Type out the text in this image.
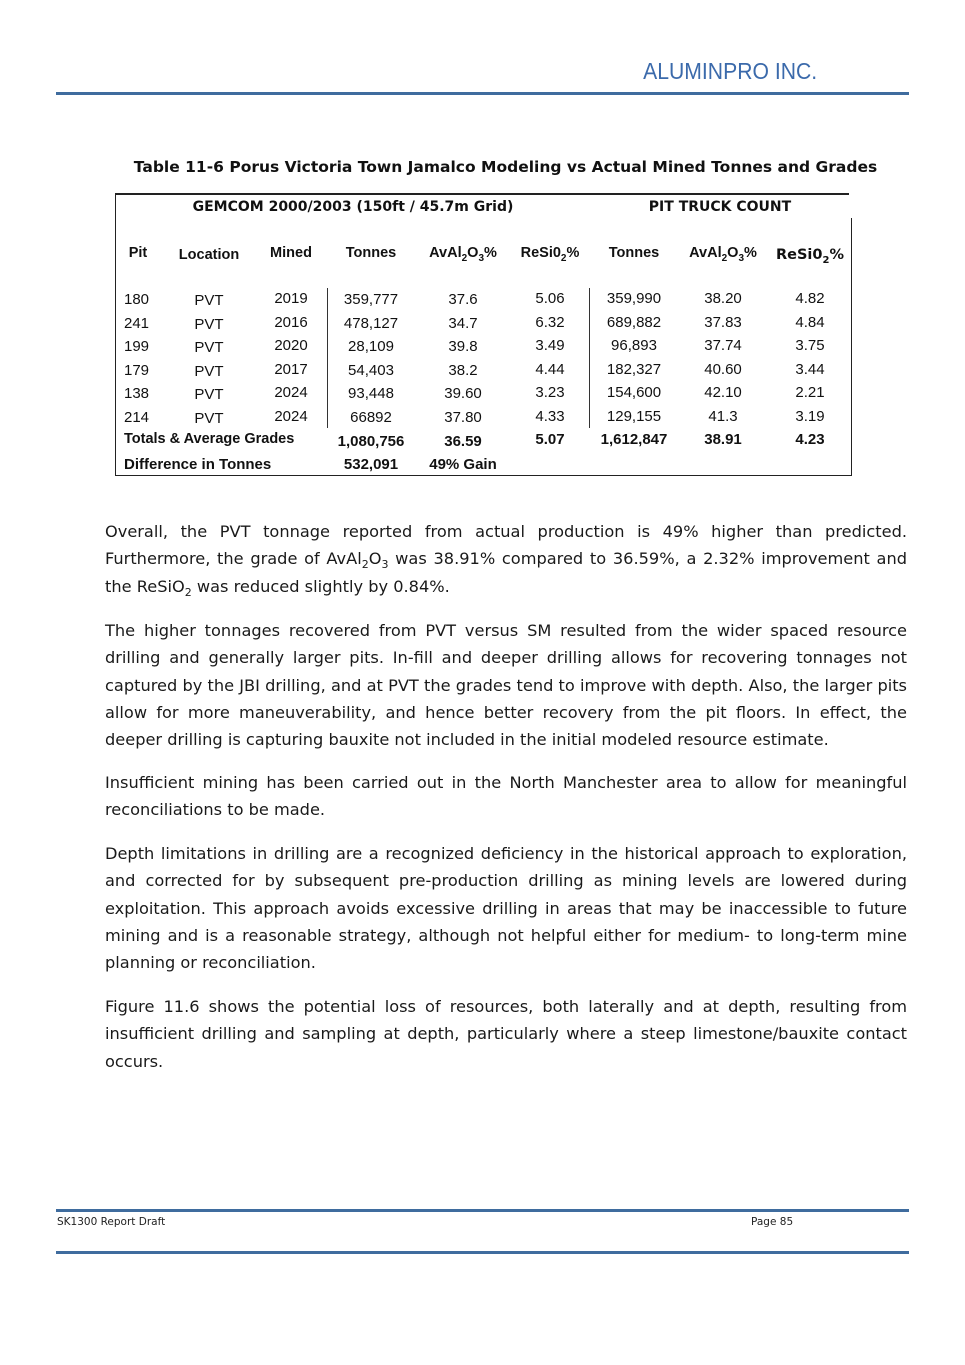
ALUMINPRO INC.
Table 11-6 Porus Victoria Town Jamalco Modeling vs Actual Mined Tonnes and Grades
GEMCOM 2000/2003 (150ft / 45.7m Grid)	PIT TRUCK COUNT
Pit Location Mined Tonnes $AvAl_2O_3\%$ $ReSi0_2\%$ Tonnes $AvAl_2O_3\%$ $ReSi0_2\%$
180	PVT	2019 359,777	37.6	5.06	359,990	38.20	4.82
241	PVT	2016 478,127	34.7	6.32	689,882	37.83	4.84
199	PVT	2020	28,109	39.8	3.49	96,893	37.74	3.75
179	PVT	2017	54,403	38.2	4.44	182,327	40.60	3.44
138	PVT	2024	93,448	39.60	3.23	154,600	42.10	2.21
214	PVT	2024	66892	37.80	4.33	129,155	41.3	3.19
Totals & Average Grades	1,080,756	36.59	5.07 1,612,847 38.91	4.23
Difference in Tonnes	532,091 49% Gain

Overall, the PVT tonnage reported from actual production is 49% higher than predicted. Furthermore, the grade of $AvAl_2O_3$ was 38.91% compared to 36.59%, a 2.32% improvement and the ReSiO$_2$ was reduced slightly by 0.84%.

The higher tonnages recovered from PVT versus SM resulted from the wider spaced resource drilling and generally larger pits. In-fill and deeper drilling allows for recovering tonnages not captured by the JBI drilling, and at PVT the grades tend to improve with depth. Also, the larger pits allow for more maneuverability, and hence better recovery from the pit floors. In effect, the deeper drilling is capturing bauxite not included in the initial modeled resource estimate.

Insufficient mining has been carried out in the North Manchester area to allow for meaningful reconciliations to be made.

Depth limitations in drilling are a recognized deficiency in the historical approach to exploration, and corrected for by subsequent pre-production drilling as mining levels are lowered during exploitation. This approach avoids excessive drilling in areas that may be inaccessible to future mining and is a reasonable strategy, although not helpful either for medium- to long-term mine planning or reconciliation.

Figure 11.6 shows the potential loss of resources, both laterally and at depth, resulting from insufficient drilling and sampling at depth, particularly where a steep limestone/bauxite contact occurs.

SK1300 Report Draft	Page 85
